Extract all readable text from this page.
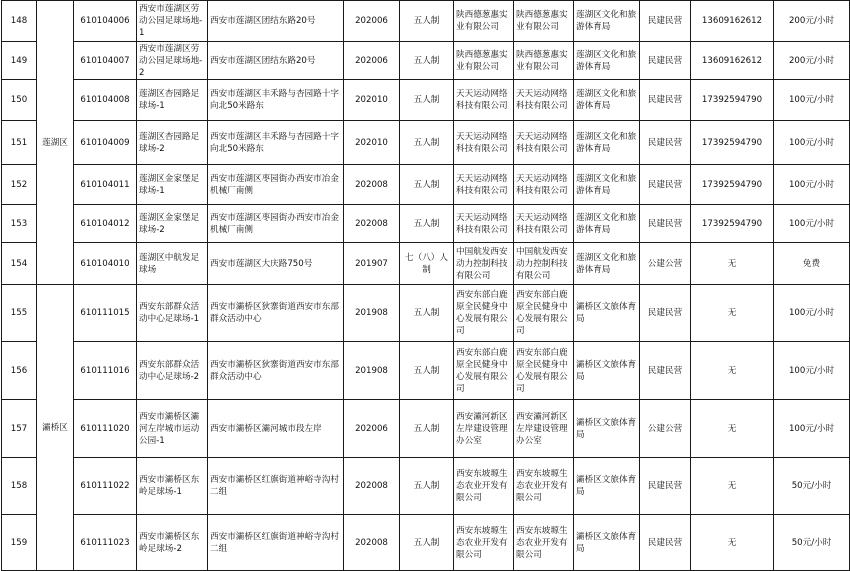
148	莲湖区	610104006	西安市莲湖区劳动公园足球场地-1	西安市莲湖区团结东路20号	202006	五人制	陕西德葱惠实业有限公司	陕西德葱惠实业有限公司	莲湖区文化和旅游体育局	民建民营	13609162612	200元/小时
149		610104007	西安市莲湖区劳动公园足球场地-2	西安市莲湖区团结东路20号	202006	五人制	陕西德葱惠实业有限公司	陕西德葱惠实业有限公司	莲湖区文化和旅游体育局	民建民营	13609162612	200元/小时
150		610104008	莲湖区杏园路足球场-1	西安市莲湖区丰禾路与杏园路十字向北50米路东	202010	五人制	天天运动网络科技有限公司	天天运动网络科技有限公司	莲湖区文化和旅游体育局	民建民营	17392594790	100元/小时
151		610104009	莲湖区杏园路足球场-2	西安市莲湖区丰禾路与杏园路十字向北50米路东	202010	五人制	天天运动网络科技有限公司	天天运动网络科技有限公司	莲湖区文化和旅游体育局	民建民营	17392594790	100元/小时
152		610104011	莲湖区金家堡足球场-1	西安市莲湖区枣园街办西安市冶金机械厂南侧	202008	五人制	天天运动网络科技有限公司	天天运动网络科技有限公司	莲湖区文化和旅游体育局	民建民营	17392594790	100元/小时
153		610104012	莲湖区金家堡足球场-2	西安市莲湖区枣园街办西安市冶金机械厂南侧	202008	五人制	天天运动网络科技有限公司	天天运动网络科技有限公司	莲湖区文化和旅游体育局	民建民营	17392594790	100元/小时
154		610104010	莲湖区中航发足球场	西安市莲湖区大庆路750号	201907	七（八）人制	中国航发西安动力控制科技有限公司	中国航发西安动力控制科技有限公司	莲湖区文化和旅游体育局	公建公营	无	免费
155	灞桥区	610111015	西安东部群众活动中心足球场-1	西安市灞桥区狄寨街道西安市东部群众活动中心	201908	五人制	西安东部白鹿原全民健身中心发展有限公司	西安东部白鹿原全民健身中心发展有限公司	灞桥区文旅体育局	民建民营	无	100元/小时
156		610111016	西安东部群众活动中心足球场-2	西安市灞桥区狄寨街道西安市东部群众活动中心	201908	五人制	西安东部白鹿原全民健身中心发展有限公司	西安东部白鹿原全民健身中心发展有限公司	灞桥区文旅体育局	民建民营	无	100元/小时
157		610111020	西安市灞桥区灞河左岸城市运动公园-1	西安市灞桥区灞河城市段左岸	202006	五人制	西安灞河新区左岸建设管理办公室	西安灞河新区左岸建设管理办公室	灞桥区文旅体育局	公建公营	无	100元/小时
158		610111022	西安市灞桥区东岭足球场-1	西安市灞桥区红旗街道神峪寺沟村二组	202008	五人制	西安东坡塬生态农业开发有限公司	西安东坡塬生态农业开发有限公司	灞桥区文旅体育局	民建民营	无	50元/小时
159		610111023	西安市灞桥区东岭足球场-2	西安市灞桥区红旗街道神峪寺沟村二组	202008	五人制	西安东坡塬生态农业开发有限公司	西安东坡塬生态农业开发有限公司	灞桥区文旅体育局	民建民营	无	50元/小时
